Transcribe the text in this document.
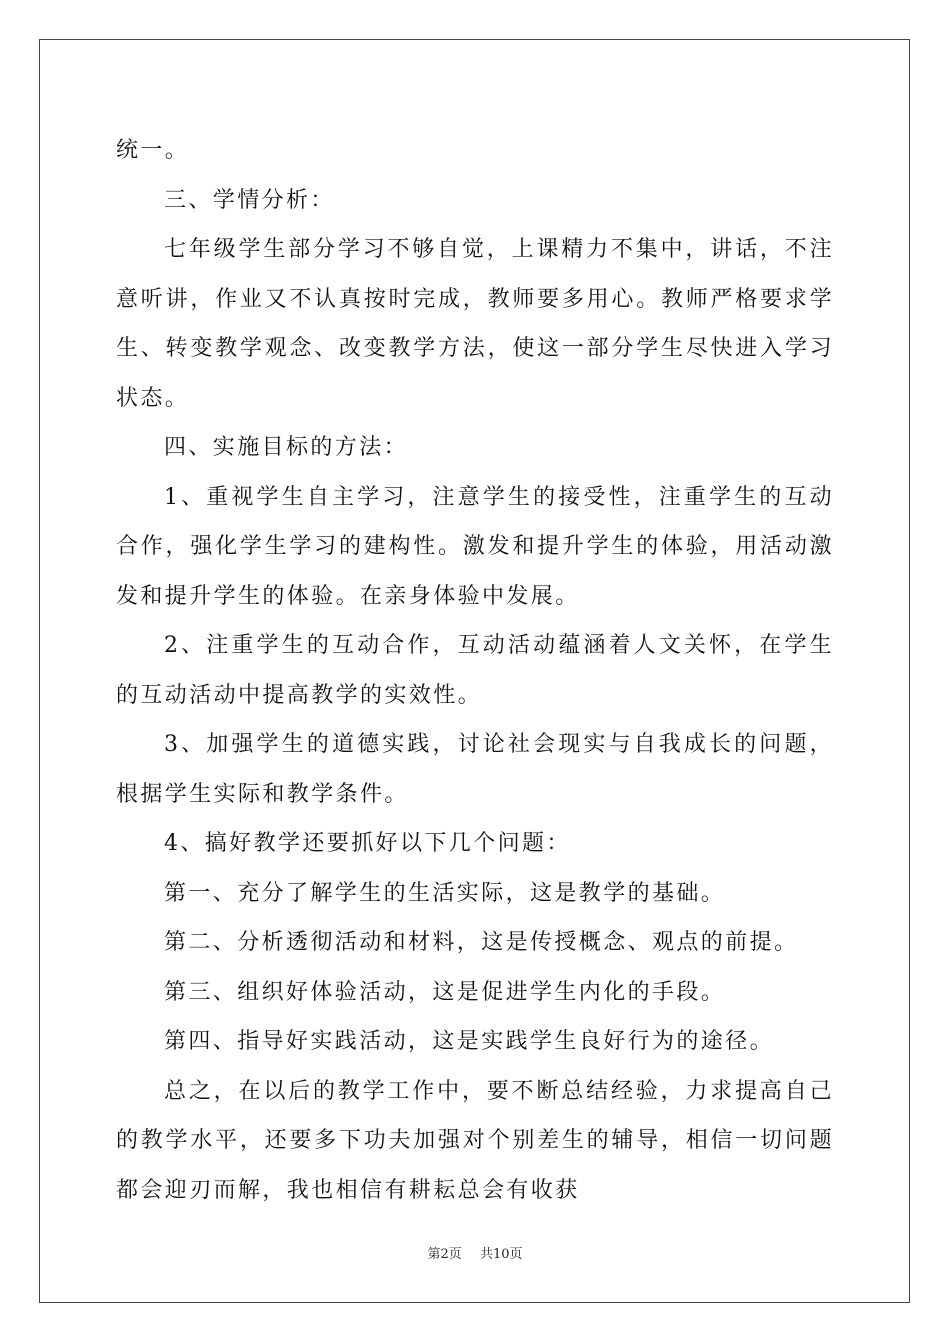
统一。

三、学情分析：

七年级学生部分学习不够自觉，上课精力不集中，讲话，不注意听讲，作业又不认真按时完成，教师要多用心。教师严格要求学生、转变教学观念、改变教学方法，使这一部分学生尽快进入学习状态。

四、实施目标的方法：

1、重视学生自主学习，注意学生的接受性，注重学生的互动合作，强化学生学习的建构性。激发和提升学生的体验，用活动激发和提升学生的体验。在亲身体验中发展。

2、注重学生的互动合作，互动活动蕴涵着人文关怀，在学生的互动活动中提高教学的实效性。

3、加强学生的道德实践，讨论社会现实与自我成长的问题，根据学生实际和教学条件。

4、搞好教学还要抓好以下几个问题：

第一、充分了解学生的生活实际，这是教学的基础。

第二、分析透彻活动和材料，这是传授概念、观点的前提。

第三、组织好体验活动，这是促进学生内化的手段。

第四、指导好实践活动，这是实践学生良好行为的途径。

总之，在以后的教学工作中，要不断总结经验，力求提高自己的教学水平，还要多下功夫加强对个别差生的辅导，相信一切问题都会迎刃而解，我也相信有耕耘总会有收获

第2页 共10页
